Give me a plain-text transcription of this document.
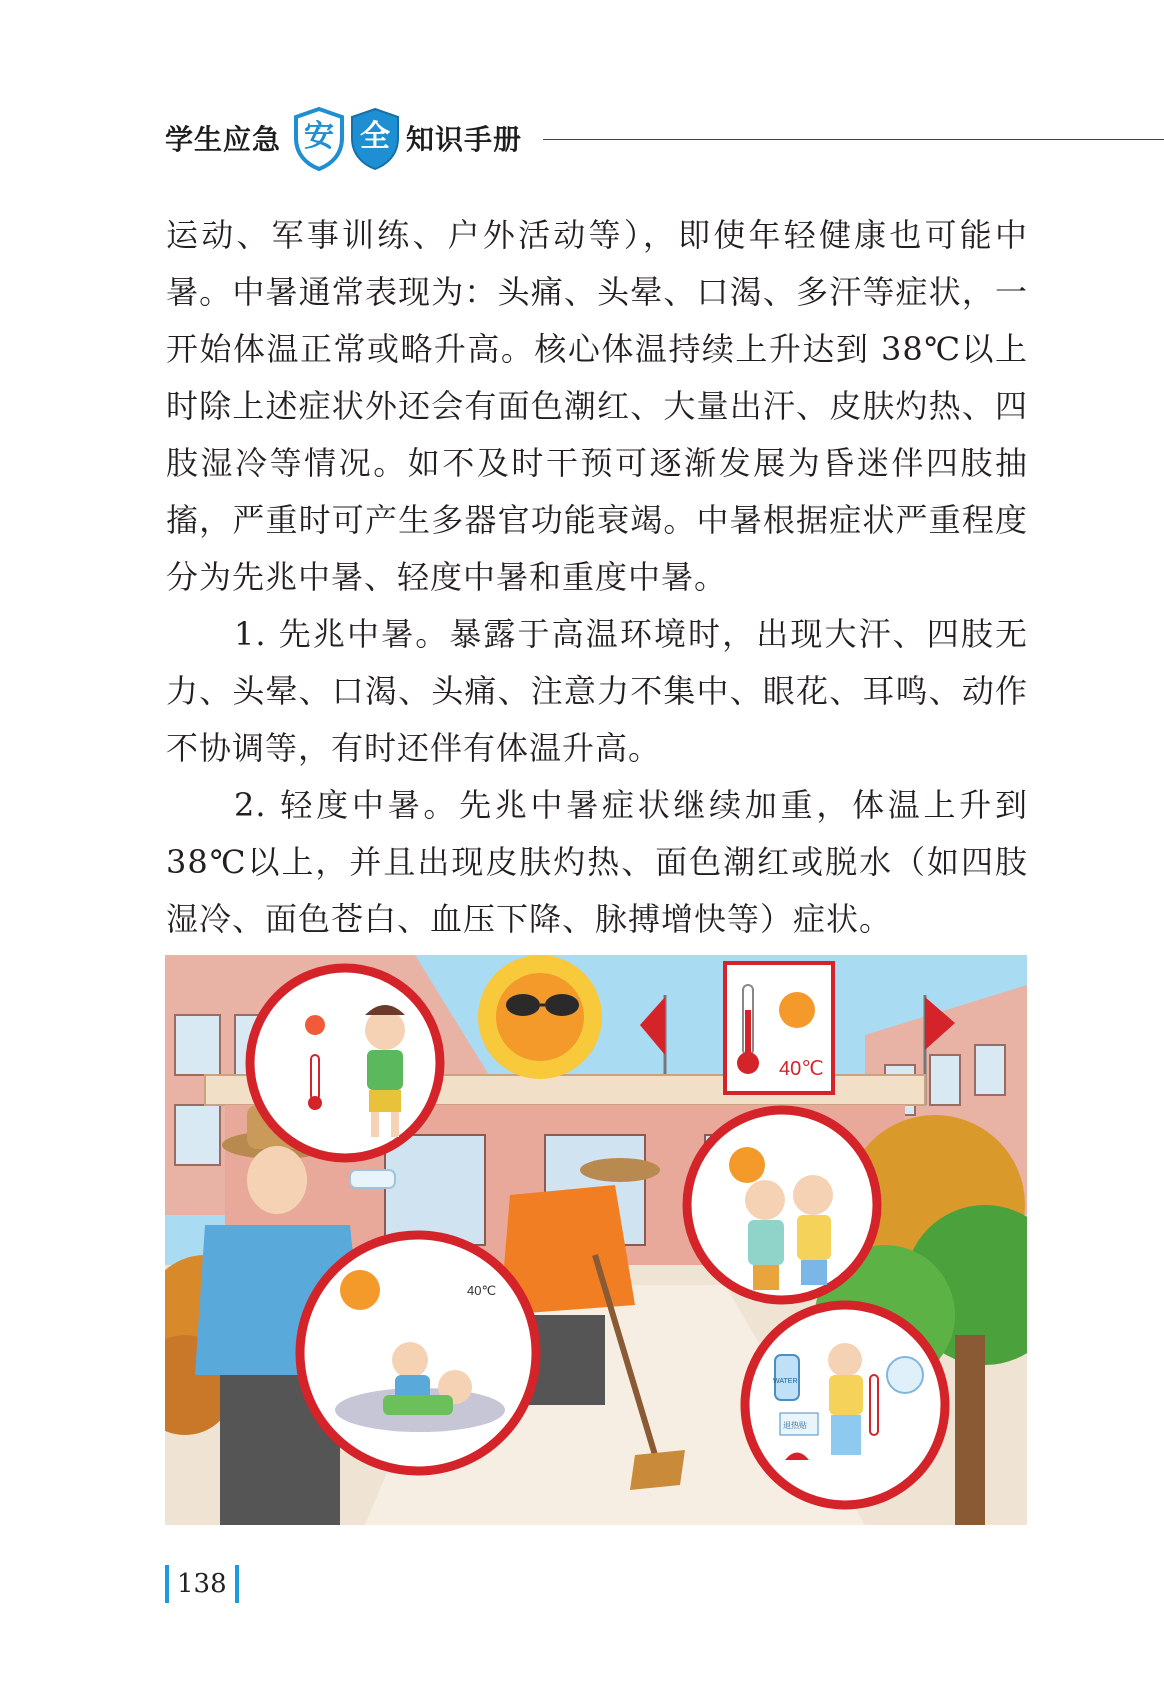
学生应急 安 全 知识手册

运动、军事训练、户外活动等），即使年轻健康也可能中暑。中暑通常表现为：头痛、头晕、口渴、多汗等症状，一开始体温正常或略升高。核心体温持续上升达到 38℃以上时除上述症状外还会有面色潮红、大量出汗、皮肤灼热、四肢湿冷等情况。如不及时干预可逐渐发展为昏迷伴四肢抽搐，严重时可产生多器官功能衰竭。中暑根据症状严重程度分为先兆中暑、轻度中暑和重度中暑。

1. 先兆中暑。暴露于高温环境时，出现大汗、四肢无力、头晕、口渴、头痛、注意力不集中、眼花、耳鸣、动作不协调等，有时还伴有体温升高。

2. 轻度中暑。先兆中暑症状继续加重，体温上升到38℃以上，并且出现皮肤灼热、面色潮红或脱水（如四肢湿冷、面色苍白、血压下降、脉搏增快等）症状。

40℃
40℃
WATER
退热贴
138
